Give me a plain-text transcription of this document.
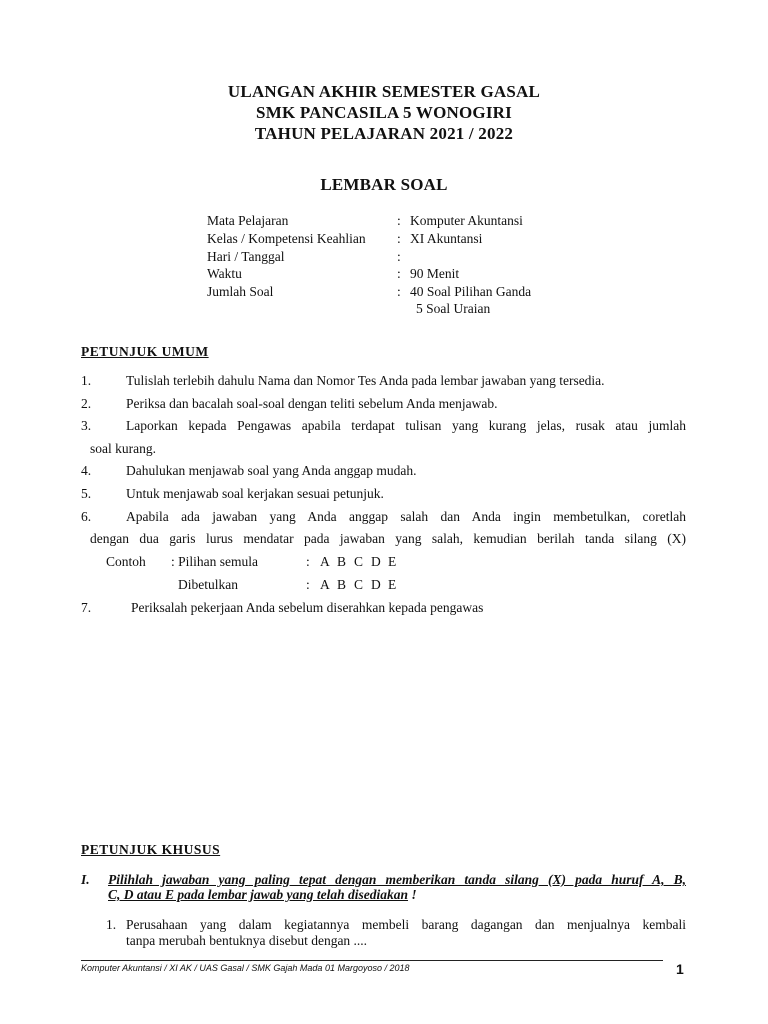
ULANGAN AKHIR SEMESTER GASAL
SMK PANCASILA 5 WONOGIRI
TAHUN PELAJARAN 2021 / 2022
LEMBAR SOAL
Mata Pelajaran	: Komputer Akuntansi
Kelas / Kompetensi Keahlian : XI Akuntansi
Hari / Tanggal	:
Waktu	: 90 Menit
Jumlah Soal	: 40 Soal Pilihan Ganda
5 Soal Uraian
PETUNJUK UMUM
1.	Tulislah terlebih dahulu Nama dan Nomor Tes Anda pada lembar jawaban yang tersedia.
2.	Periksa dan bacalah soal-soal dengan teliti sebelum Anda menjawab.
3.	Laporkan kepada Pengawas apabila terdapat tulisan yang kurang jelas, rusak atau jumlah
soal kurang.
4.	Dahulukan menjawab soal yang Anda anggap mudah.
5.	Untuk menjawab soal kerjakan sesuai petunjuk.
6.	Apabila ada jawaban yang Anda anggap salah dan Anda ingin membetulkan, coretlah
dengan dua garis lurus mendatar pada jawaban yang salah, kemudian berilah tanda silang (X)
Contoh : Pilihan semula	: A B C D E
Dibetulkan	: A B C D E
7.	Periksalah pekerjaan Anda sebelum diserahkan kepada pengawas
PETUNJUK KHUSUS
I. Pilihlah jawaban yang paling tepat dengan memberikan tanda silang (X) pada huruf A, B,
C, D atau E pada lembar jawab yang telah disediakan !
1. Perusahaan yang dalam kegiatannya membeli barang dagangan dan menjualnya kembali
tanpa merubah bentuknya disebut dengan ....
Komputer Akuntansi / XI AK / UAS Gasal / SMK Gajah Mada 01 Margoyoso / 2018	1
